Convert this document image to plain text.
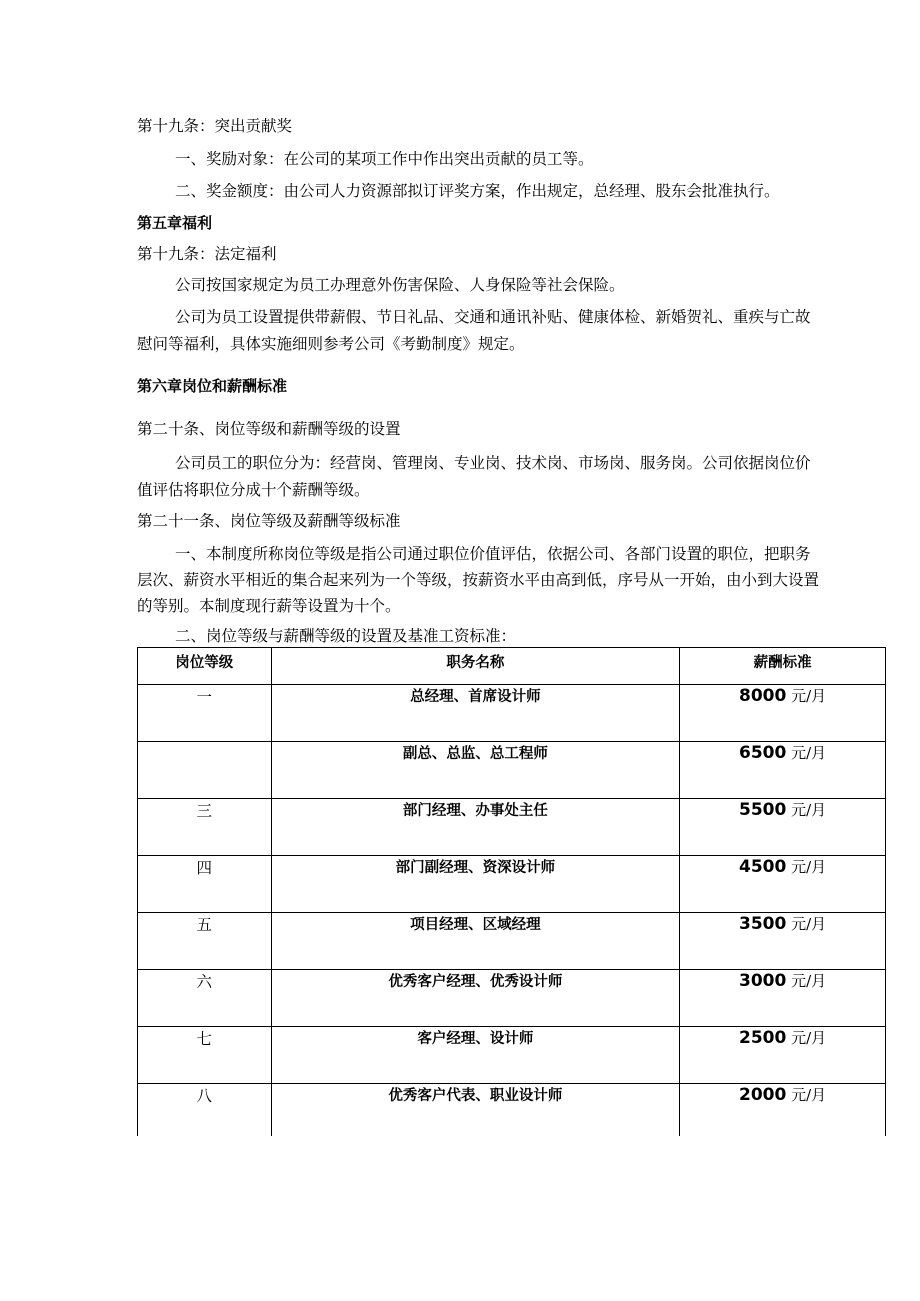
第十九条：突出贡献奖
一、奖励对象：在公司的某项工作中作出突出贡献的员工等。
二、奖金额度：由公司人力资源部拟订评奖方案，作出规定，总经理、股东会批准执行。
第五章福利
第十九条：法定福利
公司按国家规定为员工办理意外伤害保险、人身保险等社会保险。
公司为员工设置提供带薪假、节日礼品、交通和通讯补贴、健康体检、新婚贺礼、重疾与亡故
慰问等福利，具体实施细则参考公司《考勤制度》规定。
第六章岗位和薪酬标准
第二十条、岗位等级和薪酬等级的设置
公司员工的职位分为：经营岗、管理岗、专业岗、技术岗、市场岗、服务岗。公司依据岗位价
值评估将职位分成十个薪酬等级。
第二十一条、岗位等级及薪酬等级标准
一、本制度所称岗位等级是指公司通过职位价值评估，依据公司、各部门设置的职位，把职务
层次、薪资水平相近的集合起来列为一个等级，按薪资水平由高到低，序号从一开始，由小到大设置
的等别。本制度现行薪等设置为十个。
二、岗位等级与薪酬等级的设置及基准工资标准：
岗位等级	职务名称	薪酬标准
一	总经理、首席设计师	8000 元/月
	副总、总监、总工程师	6500 元/月
三	部门经理、办事处主任	5500 元/月
四	部门副经理、资深设计师	4500 元/月
五	项目经理、区域经理	3500 元/月
六	优秀客户经理、优秀设计师	3000 元/月
七	客户经理、设计师	2500 元/月
八	优秀客户代表、职业设计师	2000 元/月
